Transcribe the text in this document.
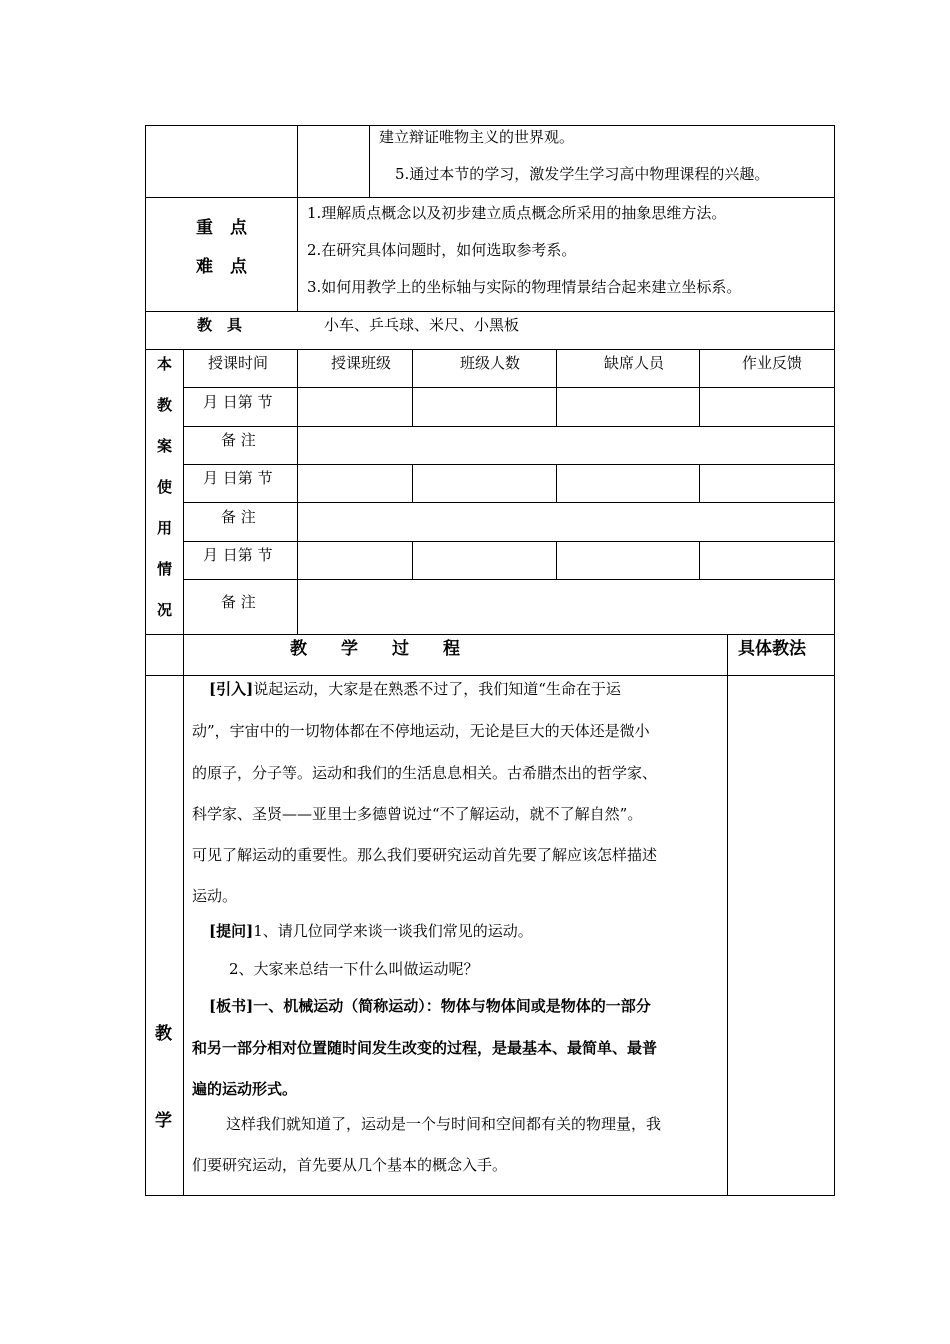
建立辩证唯物主义的世界观。
5.通过本节的学习，激发学生学习高中物理课程的兴趣。
重　点
难　点
1.理解质点概念以及初步建立质点概念所采用的抽象思维方法。
2.在研究具体问题时，如何选取参考系。
3.如何用教学上的坐标轴与实际的物理情景结合起来建立坐标系。
教　具	小车、乒乓球、米尺、小黑板
本
教
案
使
用
情
况
授课时间	授课班级	班级人数	缺席人员	作业反馈
月 日第 节
备 注
月 日第 节
备 注
月 日第 节
备 注
教　　学　　过　　程	具体教法
教
学
[引入]说起运动，大家是在熟悉不过了，我们知道“生命在于运
动”，宇宙中的一切物体都在不停地运动，无论是巨大的天体还是微小
的原子，分子等。运动和我们的生活息息相关。古希腊杰出的哲学家、
科学家、圣贤——亚里士多德曾说过“不了解运动，就不了解自然”。
可见了解运动的重要性。那么我们要研究运动首先要了解应该怎样描述
运动。
[提问]1、请几位同学来谈一谈我们常见的运动。
2、大家来总结一下什么叫做运动呢？
[板书]一、机械运动（简称运动）：物体与物体间或是物体的一部分
和另一部分相对位置随时间发生改变的过程，是最基本、最简单、最普
遍的运动形式。
这样我们就知道了，运动是一个与时间和空间都有关的物理量，我
们要研究运动，首先要从几个基本的概念入手。
